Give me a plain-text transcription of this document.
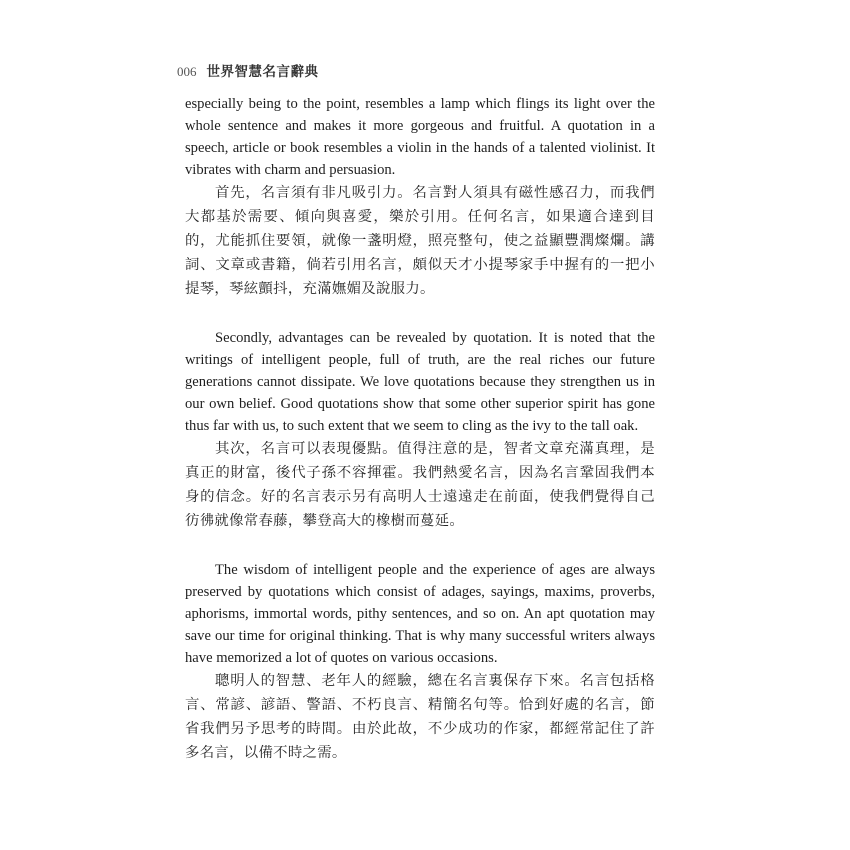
006 世界智慧名言辭典

especially being to the point, resembles a lamp which flings its light over the whole sentence and makes it more gorgeous and fruitful. A quotation in a speech, article or book resembles a violin in the hands of a talented violinist. It vibrates with charm and persuasion.

首先，名言須有非凡吸引力。名言對人須具有磁性感召力，而我們大都基於需要、傾向與喜愛，樂於引用。任何名言，如果適合達到目的，尤能抓住要領，就像一盞明燈，照亮整句，使之益顯豐潤燦爛。講詞、文章或書籍，倘若引用名言，頗似天才小提琴家手中握有的一把小提琴，琴絃顫抖，充滿嫵媚及說服力。

Secondly, advantages can be revealed by quotation. It is noted that the writings of intelligent people, full of truth, are the real riches our future generations cannot dissipate. We love quotations because they strengthen us in our own belief. Good quotations show that some other superior spirit has gone thus far with us, to such extent that we seem to cling as the ivy to the tall oak.

其次，名言可以表現優點。值得注意的是，智者文章充滿真理，是真正的財富，後代子孫不容揮霍。我們熱愛名言，因為名言鞏固我們本身的信念。好的名言表示另有高明人士遠遠走在前面，使我們覺得自己彷彿就像常春藤，攀登高大的橡樹而蔓延。

The wisdom of intelligent people and the experience of ages are always preserved by quotations which consist of adages, sayings, maxims, proverbs, aphorisms, immortal words, pithy sentences, and so on. An apt quotation may save our time for original thinking. That is why many successful writers always have memorized a lot of quotes on various occasions.

聰明人的智慧、老年人的經驗，總在名言裏保存下來。名言包括格言、常諺、諺語、警語、不朽良言、精簡名句等。恰到好處的名言，節省我們另予思考的時間。由於此故，不少成功的作家，都經常記住了許多名言，以備不時之需。
